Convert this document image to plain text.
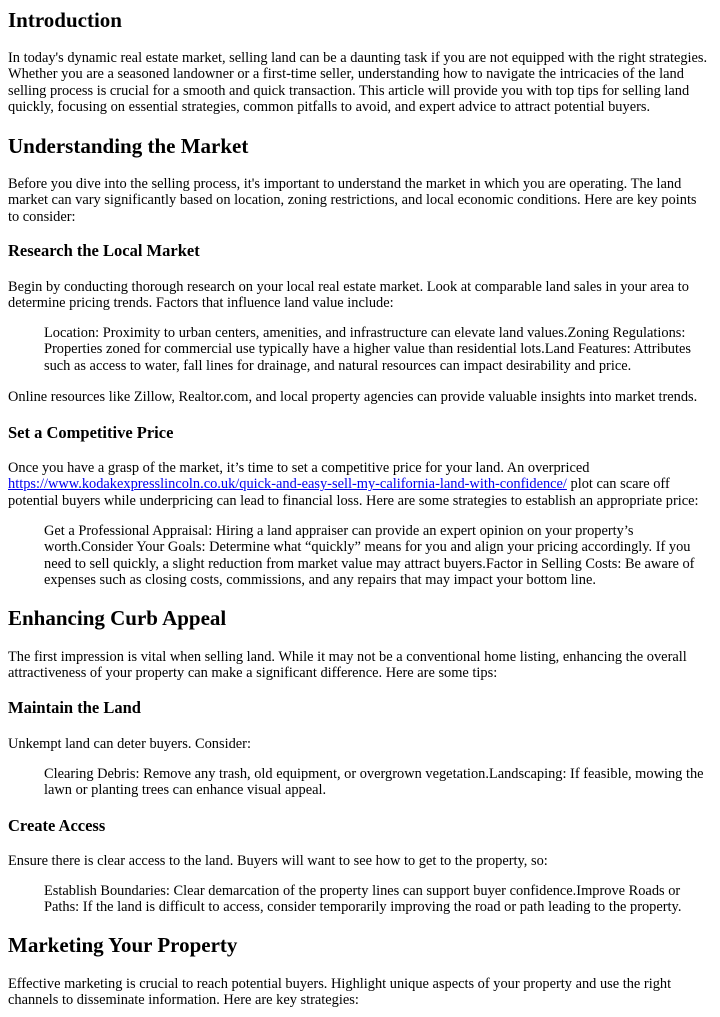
Introduction

In today's dynamic real estate market, selling land can be a daunting task if you are not equipped with the right strategies. Whether you are a seasoned landowner or a first-time seller, understanding how to navigate the intricacies of the land selling process is crucial for a smooth and quick transaction. This article will provide you with top tips for selling land quickly, focusing on essential strategies, common pitfalls to avoid, and expert advice to attract potential buyers.

Understanding the Market

Before you dive into the selling process, it's important to understand the market in which you are operating. The land market can vary significantly based on location, zoning restrictions, and local economic conditions. Here are key points to consider:

Research the Local Market

Begin by conducting thorough research on your local real estate market. Look at comparable land sales in your area to determine pricing trends. Factors that influence land value include:

Location: Proximity to urban centers, amenities, and infrastructure can elevate land values.Zoning Regulations: Properties zoned for commercial use typically have a higher value than residential lots.Land Features: Attributes such as access to water, fall lines for drainage, and natural resources can impact desirability and price.

Online resources like Zillow, Realtor.com, and local property agencies can provide valuable insights into market trends.

Set a Competitive Price

Once you have a grasp of the market, it’s time to set a competitive price for your land. An overpriced https://www.kodakexpresslincoln.co.uk/quick-and-easy-sell-my-california-land-with-confidence/ plot can scare off potential buyers while underpricing can lead to financial loss. Here are some strategies to establish an appropriate price:

Get a Professional Appraisal: Hiring a land appraiser can provide an expert opinion on your property’s worth.Consider Your Goals: Determine what “quickly” means for you and align your pricing accordingly. If you need to sell quickly, a slight reduction from market value may attract buyers.Factor in Selling Costs: Be aware of expenses such as closing costs, commissions, and any repairs that may impact your bottom line.
Enhancing Curb Appeal

The first impression is vital when selling land. While it may not be a conventional home listing, enhancing the overall attractiveness of your property can make a significant difference. Here are some tips:

Maintain the Land

Unkempt land can deter buyers. Consider:

Clearing Debris: Remove any trash, old equipment, or overgrown vegetation.Landscaping: If feasible, mowing the lawn or planting trees can enhance visual appeal.
Create Access

Ensure there is clear access to the land. Buyers will want to see how to get to the property, so:

Establish Boundaries: Clear demarcation of the property lines can support buyer confidence.Improve Roads or Paths: If the land is difficult to access, consider temporarily improving the road or path leading to the property.
Marketing Your Property

Effective marketing is crucial to reach potential buyers. Highlight unique aspects of your property and use the right channels to disseminate information. Here are key strategies:
